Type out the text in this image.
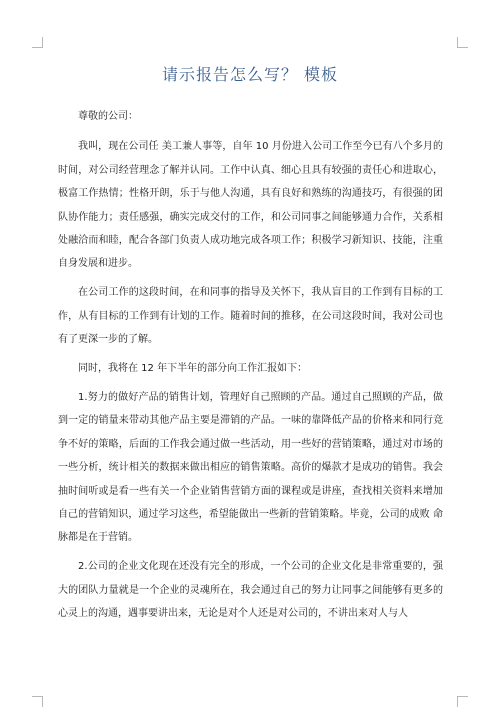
请示报告怎么写？ 模板

尊敬的公司：

我叫，现在公司任 美工兼人事等，自年 10 月份进入公司工作至今已有八个多月的时间，对公司经营理念了解并认同。工作中认真、细心且具有较强的责任心和进取心，极富工作热情；性格开朗，乐于与他人沟通，具有良好和熟练的沟通技巧，有很强的团队协作能力；责任感强，确实完成交付的工作，和公司同事之间能够通力合作，关系相处融洽而和睦，配合各部门负责人成功地完成各项工作；积极学习新知识、技能，注重自身发展和进步。

在公司工作的这段时间，在和同事的指导及关怀下，我从盲目的工作到有目标的工作，从有目标的工作到有计划的工作。随着时间的推移，在公司这段时间，我对公司也有了更深一步的了解。

同时，我将在 12 年下半年的部分向工作汇报如下：

1.努力的做好产品的销售计划，管理好自己照顾的产品。通过自己照顾的产品，做到一定的销量来带动其他产品主要是滞销的产品。一味的靠降低产品的价格来和同行竞争不好的策略，后面的工作我会通过做一些活动，用一些好的营销策略，通过对市场的一些分析，统计相关的数据来做出相应的销售策略。高价的爆款才是成功的销售。我会抽时间听或是看一些有关一个企业销售营销方面的课程或是讲座，查找相关资料来增加自己的营销知识，通过学习这些，希望能做出一些新的营销策略。毕竟，公司的成败 命脉都是在于营销。

2.公司的企业文化现在还没有完全的形成，一个公司的企业文化是非常重要的，强大的团队力量就是一个企业的灵魂所在，我会通过自己的努力让同事之间能够有更多的心灵上的沟通，遇事要讲出来，无论是对个人还是对公司的，不讲出来对人与人
